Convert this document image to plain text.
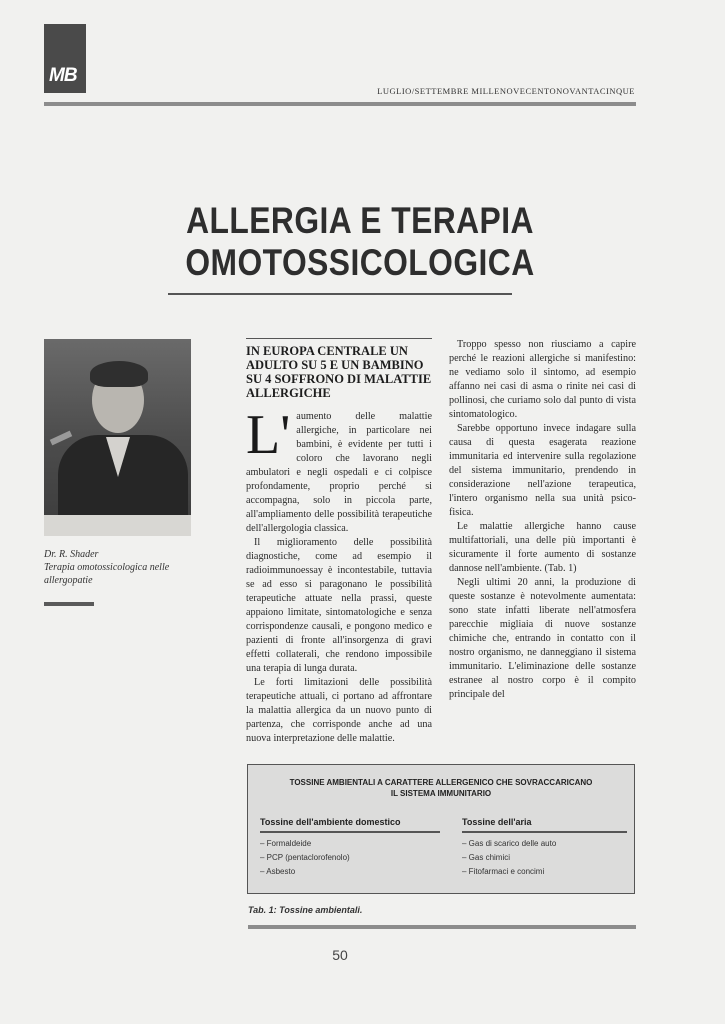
MB
LUGLIO/SETTEMBRE MILLENOVECENTONOVANTACINQUE
ALLERGIA E TERAPIA
OMOTOSSICOLOGICA
Dr. R. Shader
Terapia omotossicologica nelle allergopatie

IN EUROPA CENTRALE UN ADULTO SU 5 E UN BAMBINO SU 4 SOFFRONO DI MALATTIE ALLERGICHE

L' aumento delle malattie allergiche, in particolare nei bambini, è evidente per tutti i coloro che lavorano negli ambulatori e negli ospedali e ci colpisce profondamente, proprio perché si accompagna, solo in piccola parte, all'ampliamento delle possibilità terapeutiche dell'allergologia classica.

Il miglioramento delle possibilità diagnostiche, come ad esempio il radioimmunoessay è incontestabile, tuttavia se ad esso si paragonano le possibilità terapeutiche attuate nella prassi, queste appaiono limitate, sintomatologiche e senza corrispondenze causali, e pongono medico e pazienti di fronte all'insorgenza di gravi effetti collaterali, che rendono impossibile una terapia di lunga durata.

Le forti limitazioni delle possibilità terapeutiche attuali, ci portano ad affrontare la malattia allergica da un nuovo punto di partenza, che corrisponde anche ad una nuova interpretazione delle malattie.

Troppo spesso non riusciamo a capire perché le reazioni allergiche si manifestino: ne vediamo solo il sintomo, ad esempio affanno nei casi di asma o rinite nei casi di pollinosi, che curiamo solo dal punto di vista sintomatologico.

Sarebbe opportuno invece indagare sulla causa di questa esagerata reazione immunitaria ed intervenire sulla regolazione del sistema immunitario, prendendo in considerazione nell'azione terapeutica, l'intero organismo nella sua unità psico-fisica.

Le malattie allergiche hanno cause multifattoriali, una delle più importanti è sicuramente il forte aumento di sostanze dannose nell'ambiente. (Tab. 1)

Negli ultimi 20 anni, la produzione di queste sostanze è notevolmente aumentata: sono state infatti liberate nell'atmosfera parecchie migliaia di nuove sostanze chimiche che, entrando in contatto con il nostro organismo, ne danneggiano il sistema immunitario. L'eliminazione delle sostanze estranee al nostro corpo è il compito principale del

TOSSINE AMBIENTALI A CARATTERE ALLERGENICO CHE SOVRACCARICANO
IL SISTEMA IMMUNITARIO
Tossine dell'ambiente domestico
– Formaldeide
– PCP (pentaclorofenolo)
– Asbesto
Tossine dell'aria
– Gas di scarico delle auto
– Gas chimici
– Fitofarmaci e concimi
Tab. 1: Tossine ambientali.
50
